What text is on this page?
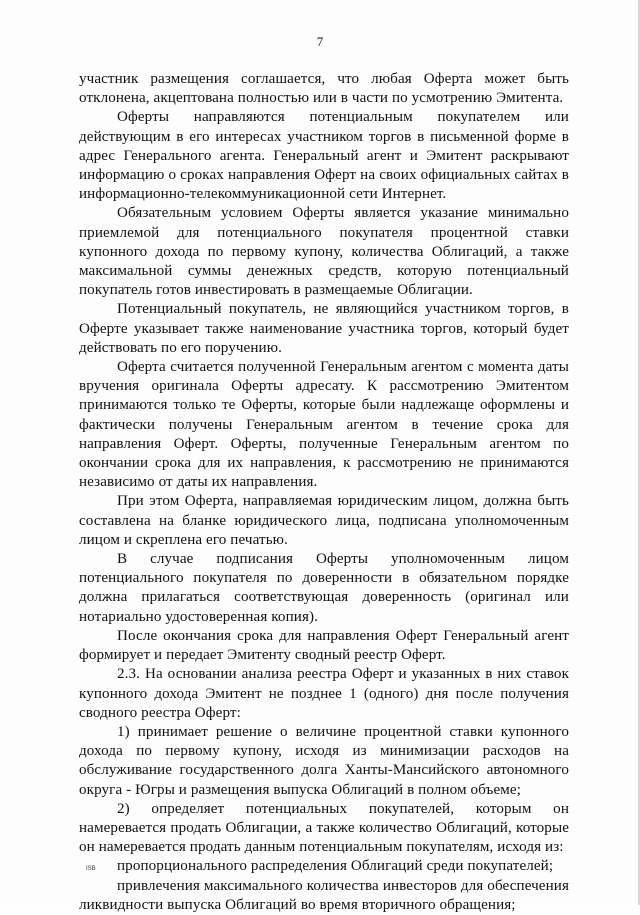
7

участник размещения соглашается, что любая Оферта может быть отклонена, акцептована полностью или в части по усмотрению Эмитента.

Оферты направляются потенциальным покупателем или действующим в его интересах участником торгов в письменной форме в адрес Генерального агента. Генеральный агент и Эмитент раскрывают информацию о сроках направления Оферт на своих официальных сайтах в информационно-телекоммуникационной сети Интернет.

Обязательным условием Оферты является указание минимально приемлемой для потенциального покупателя процентной ставки купонного дохода по первому купону, количества Облигаций, а также максимальной суммы денежных средств, которую потенциальный покупатель готов инвестировать в размещаемые Облигации.

Потенциальный покупатель, не являющийся участником торгов, в Оферте указывает также наименование участника торгов, который будет действовать по его поручению.

Оферта считается полученной Генеральным агентом с момента даты вручения оригинала Оферты адресату. К рассмотрению Эмитентом принимаются только те Оферты, которые были надлежаще оформлены и фактически получены Генеральным агентом в течение срока для направления Оферт. Оферты, полученные Генеральным агентом по окончании срока для их направления, к рассмотрению не принимаются независимо от даты их направления.

При этом Оферта, направляемая юридическим лицом, должна быть составлена на бланке юридического лица, подписана уполномоченным лицом и скреплена его печатью.

В случае подписания Оферты уполномоченным лицом потенциального покупателя по доверенности в обязательном порядке должна прилагаться соответствующая доверенность (оригинал или нотариально удостоверенная копия).

После окончания срока для направления Оферт Генеральный агент формирует и передает Эмитенту сводный реестр Оферт.

2.3. На основании анализа реестра Оферт и указанных в них ставок купонного дохода Эмитент не позднее 1 (одного) дня после получения сводного реестра Оферт:

1) принимает решение о величине процентной ставки купонного дохода по первому купону, исходя из минимизации расходов на обслуживание государственного долга Ханты-Мансийского автономного округа - Югры и размещения выпуска Облигаций в полном объеме;

2) определяет потенциальных покупателей, которым он намеревается продать Облигации, а также количество Облигаций, которые он намеревается продать данным потенциальным покупателям, исходя из:

пропорционального распределения Облигаций среди покупателей;

привлечения максимального количества инвесторов для обеспечения ликвидности выпуска Облигаций во время вторичного обращения;

ISB
